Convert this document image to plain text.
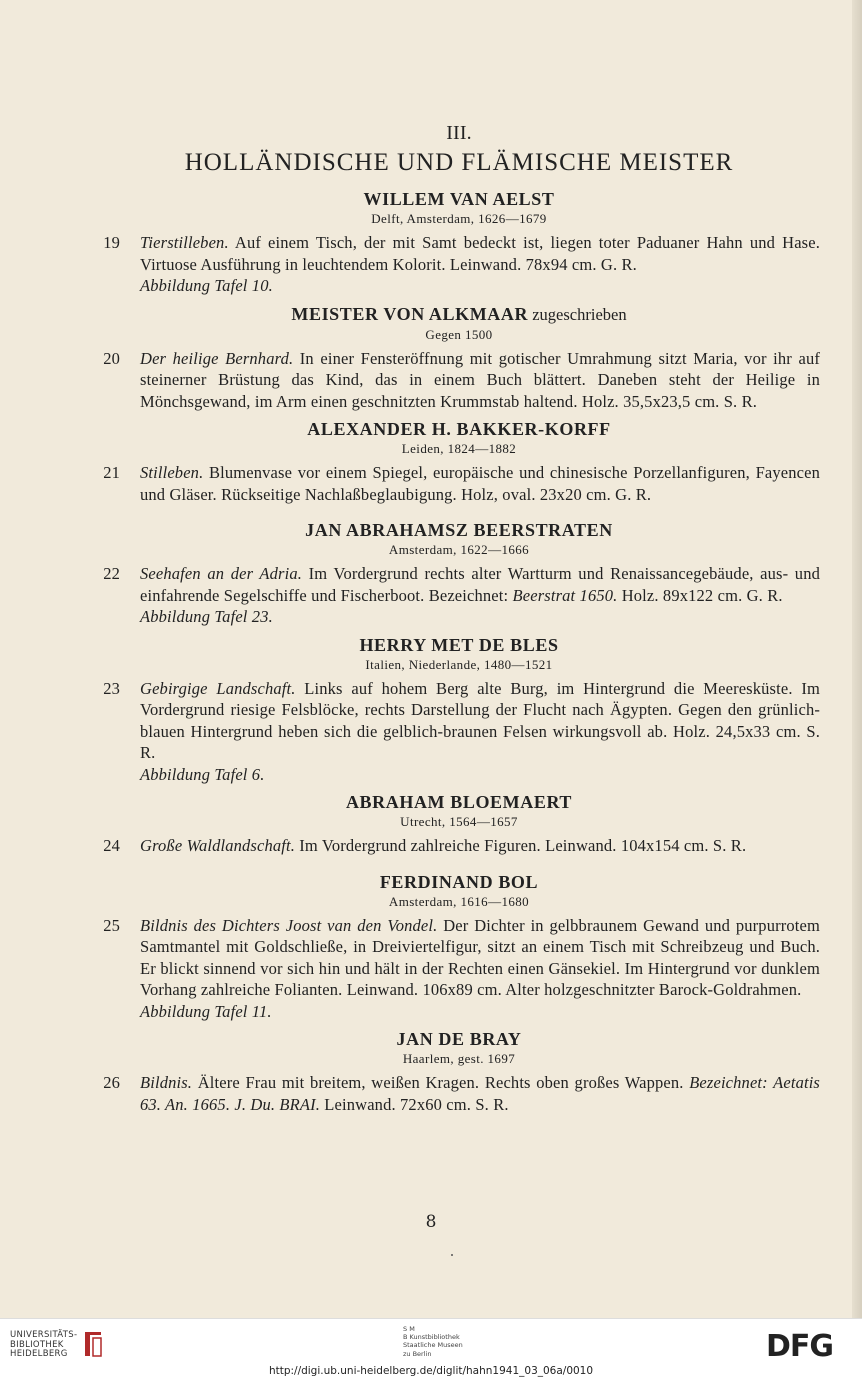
III.
HOLLÄNDISCHE UND FLÄMISCHE MEISTER
WILLEM VAN AELST
Delft, Amsterdam, 1626—1679
19 Tierstilleben. Auf einem Tisch, der mit Samt bedeckt ist, liegen toter Paduaner Hahn und Hase. Virtuose Ausführung in leuchtendem Kolorit. Leinwand. 78x94 cm. G. R.
Abbildung Tafel 10.
MEISTER VON ALKMAAR zugeschrieben
Gegen 1500
20 Der heilige Bernhard. In einer Fensteröffnung mit gotischer Umrahmung sitzt Maria, vor ihr auf steinerner Brüstung das Kind, das in einem Buch blättert. Daneben steht der Heilige in Mönchsgewand, im Arm einen geschnitzten Krummstab haltend. Holz. 35,5x23,5 cm. S. R.
ALEXANDER H. BAKKER-KORFF
Leiden, 1824—1882
21 Stilleben. Blumenvase vor einem Spiegel, europäische und chinesische Porzellanfiguren, Fayencen und Gläser. Rückseitige Nachlaßbeglaubigung. Holz, oval. 23x20 cm. G. R.
JAN ABRAHAMSZ BEERSTRATEN
Amsterdam, 1622—1666
22 Seehafen an der Adria. Im Vordergrund rechts alter Wartturm und Renaissancegebäude, aus- und einfahrende Segelschiffe und Fischerboot. Bezeichnet: Beerstrat 1650. Holz. 89x122 cm. G. R.
Abbildung Tafel 23.
HERRY MET DE BLES
Italien, Niederlande, 1480—1521
23 Gebirgige Landschaft. Links auf hohem Berg alte Burg, im Hintergrund die Meeresküste. Im Vordergrund riesige Felsblöcke, rechts Darstellung der Flucht nach Ägypten. Gegen den grünlich-blauen Hintergrund heben sich die gelblich-braunen Felsen wirkungsvoll ab. Holz. 24,5x33 cm. S. R.
Abbildung Tafel 6.
ABRAHAM BLOEMAERT
Utrecht, 1564—1657
24 Große Waldlandschaft. Im Vordergrund zahlreiche Figuren. Leinwand. 104x154 cm. S. R.
FERDINAND BOL
Amsterdam, 1616—1680
25 Bildnis des Dichters Joost van den Vondel. Der Dichter in gelbbraunem Gewand und purpurrotem Samtmantel mit Goldschließe, in Dreiviertelfigur, sitzt an einem Tisch mit Schreibzeug und Buch. Er blickt sinnend vor sich hin und hält in der Rechten einen Gänsekiel. Im Hintergrund vor dunklem Vorhang zahlreiche Folianten. Leinwand. 106x89 cm. Alter holzgeschnitzter Barock-Goldrahmen.
Abbildung Tafel 11.
JAN DE BRAY
Haarlem, gest. 1697
26 Bildnis. Ältere Frau mit breitem, weißen Kragen. Rechts oben großes Wappen. Bezeichnet: Aetatis 63. An. 1665. J. Du. BRAI. Leinwand. 72x60 cm. S. R.
8
UNIVERSITÄTS-
BIBLIOTHEK
HEIDELBERG
S M
B Kunstbibliothek
Staatliche Museen
zu Berlin	DFG
http://digi.ub.uni-heidelberg.de/diglit/hahn1941_03_06a/0010
